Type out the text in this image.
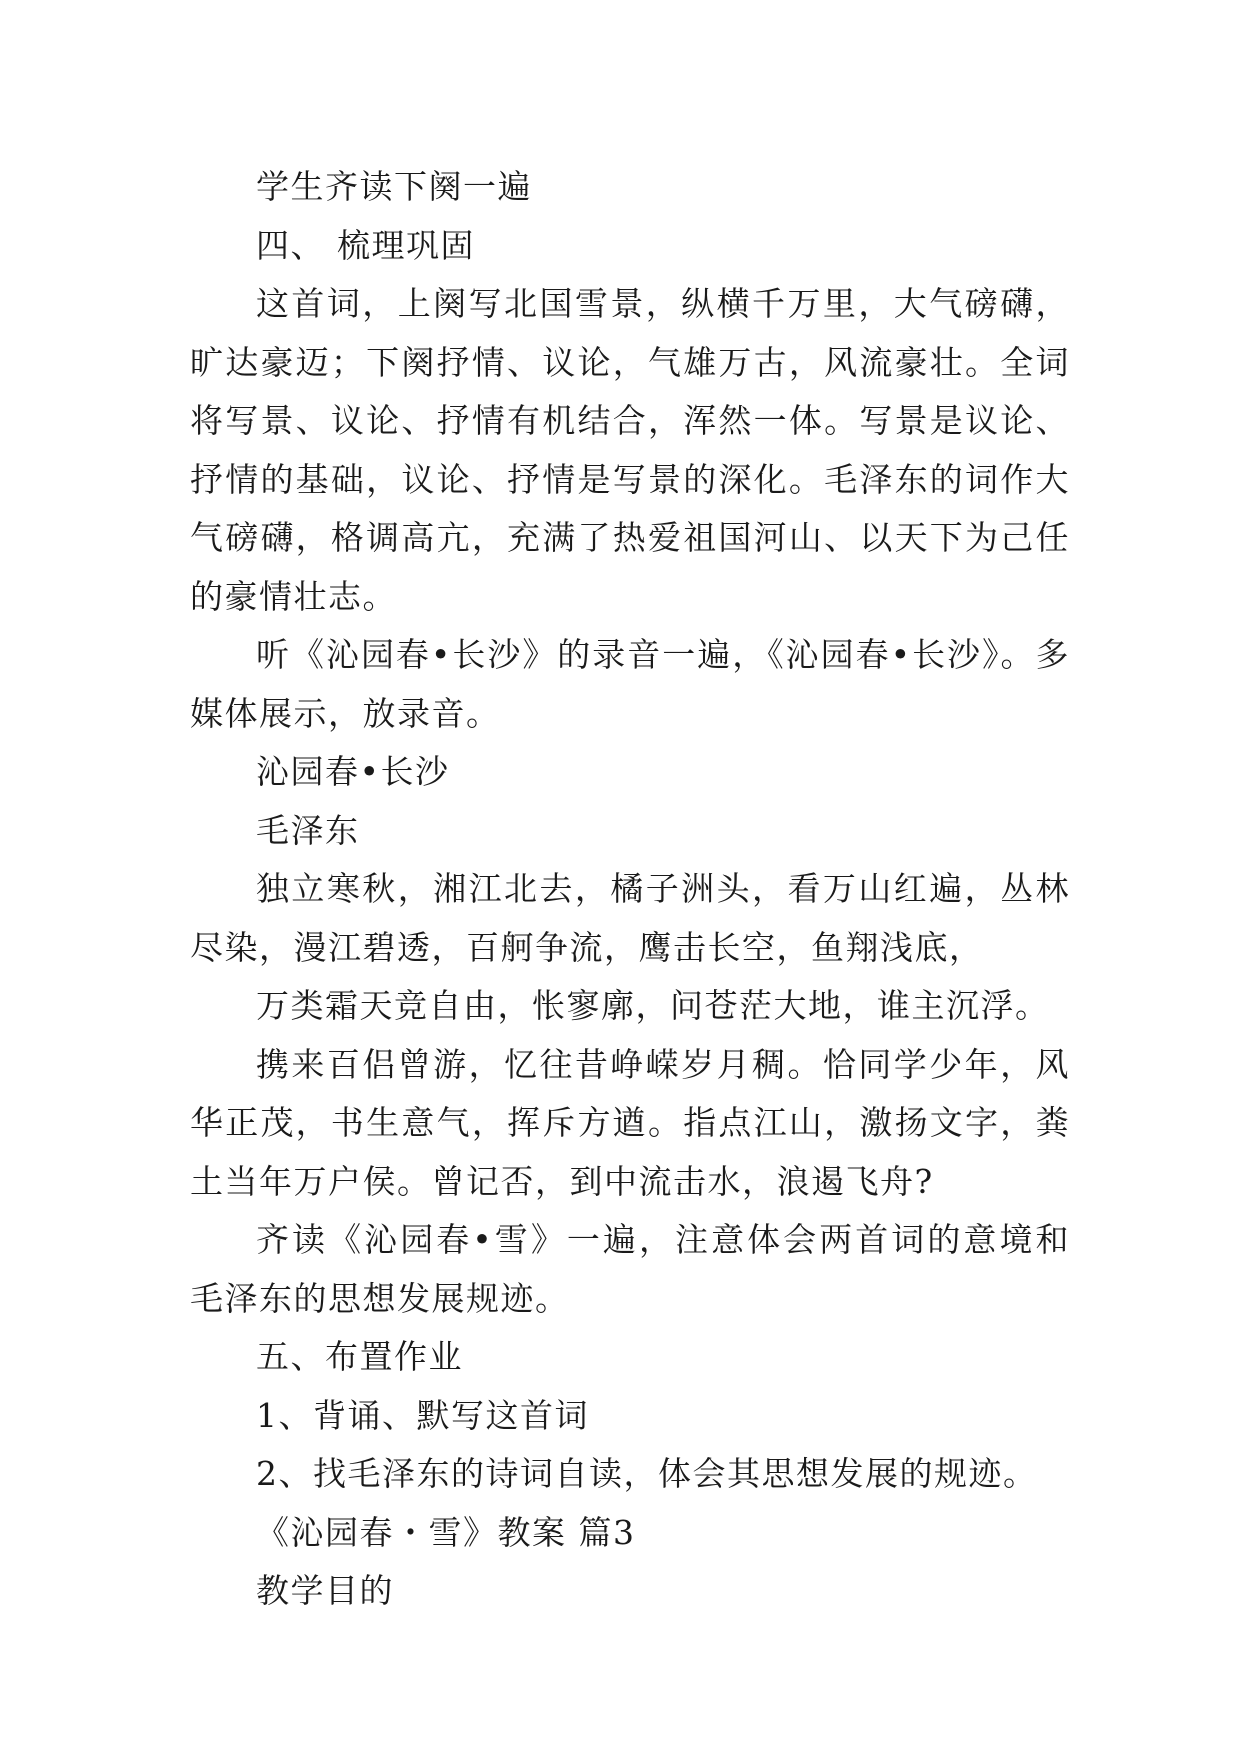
学生齐读下阕一遍

四、 梳理巩固

这首词，上阕写北国雪景，纵横千万里，大气磅礴，旷达豪迈；下阕抒情、议论，气雄万古，风流豪壮。全词将写景、议论、抒情有机结合，浑然一体。写景是议论、抒情的基础，议论、抒情是写景的深化。毛泽东的词作大气磅礴，格调高亢，充满了热爱祖国河山、以天下为己任的豪情壮志。

听《沁园春•长沙》的录音一遍，《沁园春•长沙》。多媒体展示，放录音。

沁园春•长沙

毛泽东

独立寒秋，湘江北去，橘子洲头，看万山红遍，丛林尽染，漫江碧透，百舸争流，鹰击长空，鱼翔浅底，

万类霜天竞自由，怅寥廓，问苍茫大地，谁主沉浮。

携来百侣曾游，忆往昔峥嵘岁月稠。恰同学少年，风华正茂，书生意气，挥斥方遒。指点江山，激扬文字，粪土当年万户侯。曾记否，到中流击水，浪遏飞舟?

齐读《沁园春•雪》一遍，注意体会两首词的意境和毛泽东的思想发展规迹。

五、布置作业

1、背诵、默写这首词

2、找毛泽东的诗词自读，体会其思想发展的规迹。

《沁园春・雪》教案 篇3

教学目的
